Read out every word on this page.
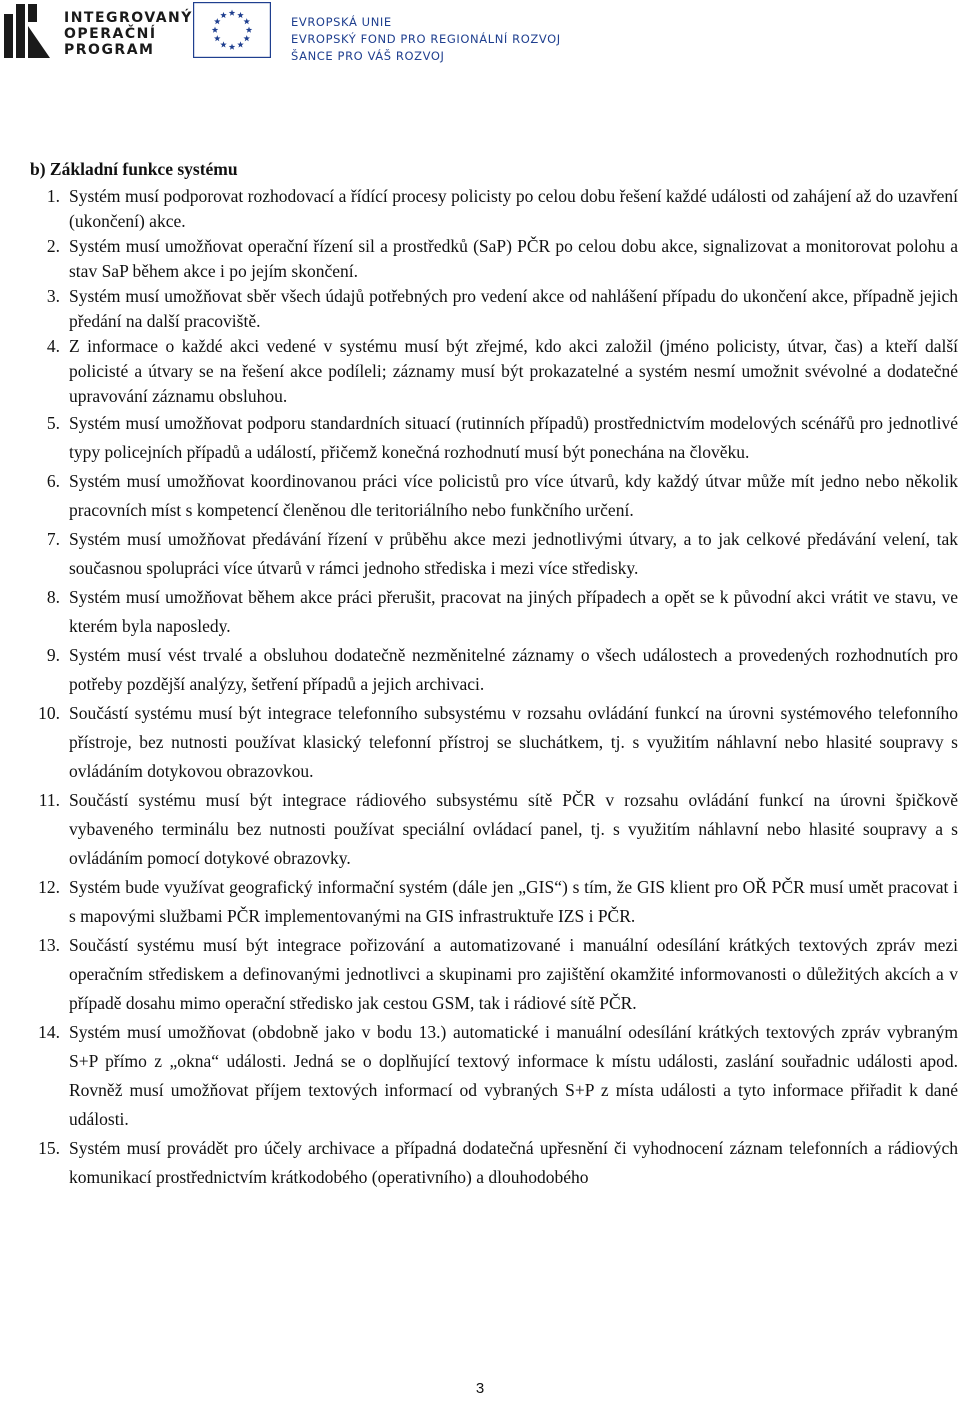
INTEGROVANÝ
OPERAČNÍ
PROGRAM
EVROPSKÁ UNIE
EVROPSKÝ FOND PRO REGIONÁLNÍ ROZVOJ
ŠANCE PRO VÁŠ ROZVOJ

b) Základní funkce systému

1. Systém musí podporovat rozhodovací a řídící procesy policisty po celou dobu řešení každé události od zahájení až do uzavření (ukončení) akce.
2. Systém musí umožňovat operační řízení sil a prostředků (SaP) PČR po celou dobu akce, signalizovat a monitorovat polohu a stav SaP během akce i po jejím skončení.
3. Systém musí umožňovat sběr všech údajů potřebných pro vedení akce od nahlášení případu do ukončení akce, případně jejich předání na další pracoviště.
4. Z informace o každé akci vedené v systému musí být zřejmé, kdo akci založil (jméno policisty, útvar, čas) a kteří další policisté a útvary se na řešení akce podíleli; záznamy musí být prokazatelné a systém nesmí umožnit svévolné a dodatečné upravování záznamu obsluhou.
5. Systém musí umožňovat podporu standardních situací (rutinních případů) prostřednictvím modelových scénářů pro jednotlivé typy policejních případů a událostí, přičemž konečná rozhodnutí musí být ponechána na člověku.
6. Systém musí umožňovat koordinovanou práci více policistů pro více útvarů, kdy každý útvar může mít jedno nebo několik pracovních míst s kompetencí členěnou dle teritoriálního nebo funkčního určení.
7. Systém musí umožňovat předávání řízení v průběhu akce mezi jednotlivými útvary, a to jak celkové předávání velení, tak současnou spolupráci více útvarů v rámci jednoho střediska i mezi více středisky.
8. Systém musí umožňovat během akce práci přerušit, pracovat na jiných případech a opět se k původní akci vrátit ve stavu, ve kterém byla naposledy.
9. Systém musí vést trvalé a obsluhou dodatečně nezměnitelné záznamy o všech událostech a provedených rozhodnutích pro potřeby pozdější analýzy, šetření případů a jejich archivaci.
10. Součástí systému musí být integrace telefonního subsystému v rozsahu ovládání funkcí na úrovni systémového telefonního přístroje, bez nutnosti používat klasický telefonní přístroj se sluchátkem, tj. s využitím náhlavní nebo hlasité soupravy s ovládáním dotykovou obrazovkou.
11. Součástí systému musí být integrace rádiového subsystému sítě PČR v rozsahu ovládání funkcí na úrovni špičkově vybaveného terminálu bez nutnosti používat speciální ovládací panel, tj. s využitím náhlavní nebo hlasité soupravy a s ovládáním pomocí dotykové obrazovky.
12. Systém bude využívat geografický informační systém (dále jen „GIS“) s tím, že GIS klient pro OŘ PČR musí umět pracovat i s mapovými službami PČR implementovanými na GIS infrastruktuře IZS i PČR.
13. Součástí systému musí být integrace pořizování a automatizované i manuální odesílání krátkých textových zpráv mezi operačním střediskem a definovanými jednotlivci a skupinami pro zajištění okamžité informovanosti o důležitých akcích a v případě dosahu mimo operační středisko jak cestou GSM, tak i rádiové sítě PČR.
14. Systém musí umožňovat (obdobně jako v bodu 13.) automatické i manuální odesílání krátkých textových zpráv vybraným S+P přímo z „okna“ události. Jedná se o doplňující textový informace k místu události, zaslání souřadnic události apod. Rovněž musí umožňovat příjem textových informací od vybraných S+P z místa události a tyto informace přiřadit k dané události.
15. Systém musí provádět pro účely archivace a případná dodatečná upřesnění či vyhodnocení záznam telefonních a rádiových komunikací prostřednictvím krátkodobého (operativního) a dlouhodobého
3
